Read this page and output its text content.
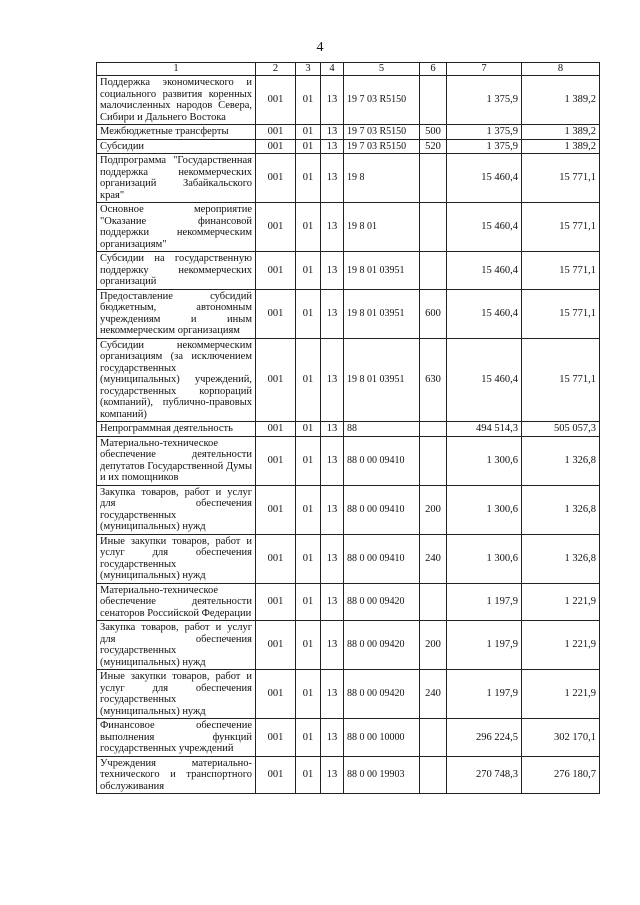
4
1	2	3	4	5	6	7	8
Поддержка экономического и социального развития коренных малочисленных народов Севера, Сибири и Дальнего Востока	001	01	13	19 7 03 R5150		1 375,9	1 389,2
Межбюджетные трансферты	001	01	13	19 7 03 R5150	500	1 375,9	1 389,2
Субсидии	001	01	13	19 7 03 R5150	520	1 375,9	1 389,2
Подпрограмма "Государственная поддержка некоммерческих организаций Забайкальского края"	001	01	13	19 8		15 460,4	15 771,1
Основное мероприятие "Оказание финансовой поддержки некоммерческим организациям"	001	01	13	19 8 01		15 460,4	15 771,1
Субсидии на государственную поддержку некоммерческих организаций	001	01	13	19 8 01 03951		15 460,4	15 771,1
Предоставление субсидий бюджетным, автономным учреждениям и иным некоммерческим организациям	001	01	13	19 8 01 03951	600	15 460,4	15 771,1
Субсидии некоммерческим организациям (за исключением государственных (муниципальных) учреждений, государственных корпораций (компаний), публично-правовых компаний)	001	01	13	19 8 01 03951	630	15 460,4	15 771,1
Непрограммная деятельность	001	01	13	88		494 514,3	505 057,3
Материально-техническое обеспечение деятельности депутатов Государственной Думы и их помощников	001	01	13	88 0 00 09410		1 300,6	1 326,8
Закупка товаров, работ и услуг для обеспечения государственных (муниципальных) нужд	001	01	13	88 0 00 09410	200	1 300,6	1 326,8
Иные закупки товаров, работ и услуг для обеспечения государственных (муниципальных) нужд	001	01	13	88 0 00 09410	240	1 300,6	1 326,8
Материально-техническое обеспечение деятельности сенаторов Российской Федерации	001	01	13	88 0 00 09420		1 197,9	1 221,9
Закупка товаров, работ и услуг для обеспечения государственных (муниципальных) нужд	001	01	13	88 0 00 09420	200	1 197,9	1 221,9
Иные закупки товаров, работ и услуг для обеспечения государственных (муниципальных) нужд	001	01	13	88 0 00 09420	240	1 197,9	1 221,9
Финансовое обеспечение выполнения функций государственных учреждений	001	01	13	88 0 00 10000		296 224,5	302 170,1
Учреждения материально-технического и транспортного обслуживания	001	01	13	88 0 00 19903		270 748,3	276 180,7
